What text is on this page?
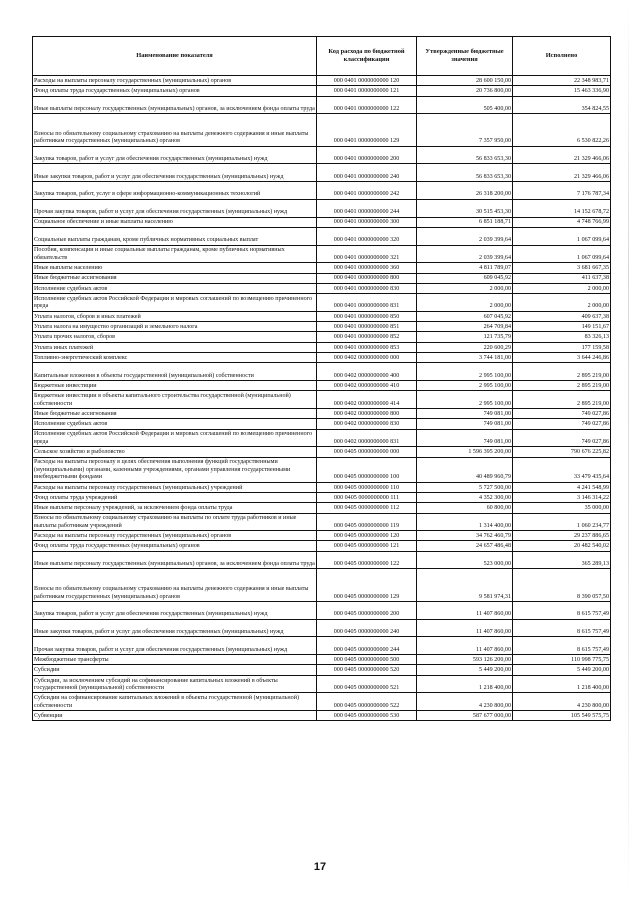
Наименование показателя	Код расхода по бюджетной классификации	Утвержденные бюджетные значения	Исполнено
Расходы на выплаты персоналу государственных (муниципальных) органов	000 0401 0000000000 120	28 600 150,00	22 348 983,71
Фонд оплаты труда государственных (муниципальных) органов	000 0401 0000000000 121	20 736 800,00	15 463 336,90
Иные выплаты персоналу государственных (муниципальных) органов, за исключением фонда оплаты труда	000 0401 0000000000 122	505 400,00	354 824,55
Взносы по обязательному социальному страхованию на выплаты денежного содержания и иные выплаты работникам государственных (муниципальных) органов	000 0401 0000000000 129	7 357 950,00	6 530 822,26
Закупка товаров, работ и услуг для обеспечения государственных (муниципальных) нужд	000 0401 0000000000 200	56 833 653,30	21 329 466,06
Иные закупки товаров, работ и услуг для обеспечения государственных (муниципальных) нужд	000 0401 0000000000 240	56 833 653,30	21 329 466,06
Закупка товаров, работ, услуг в сфере информационно-коммуникационных технологий	000 0401 0000000000 242	26 318 200,00	7 176 787,34
Прочая закупка товаров, работ и услуг для обеспечения государственных (муниципальных) нужд	000 0401 0000000000 244	30 515 453,30	14 152 678,72
Социальное обеспечение и иные выплаты населению	000 0401 0000000000 300	6 851 188,71	4 748 766,99
Социальные выплаты гражданам, кроме публичных нормативных социальных выплат	000 0401 0000000000 320	2 039 399,64	1 067 099,64
Пособия, компенсации и иные социальные выплаты гражданам, кроме публичных нормативных обязательств	000 0401 0000000000 321	2 039 399,64	1 067 099,64
Иные выплаты населению	000 0401 0000000000 360	4 811 789,07	3 681 667,35
Иные бюджетные ассигнования	000 0401 0000000000 800	609 045,92	411 637,38
Исполнение судебных актов	000 0401 0000000000 830	2 000,00	2 000,00
Исполнение судебных актов Российской Федерации и мировых соглашений по возмещению причиненного вреда	000 0401 0000000000 831	2 000,00	2 000,00
Уплата налогов, сборов и иных платежей	000 0401 0000000000 850	607 045,92	409 637,38
Уплата налога на имущество организаций и земельного налога	000 0401 0000000000 851	264 709,84	149 151,67
Уплата прочих налогов, сборов	000 0401 0000000000 852	121 735,79	83 326,13
Уплата иных платежей	000 0401 0000000000 853	220 600,29	177 159,58
Топливно-энергетический комплекс	000 0402 0000000000 000	3 744 181,00	3 644 246,86
Капитальные вложения в объекты государственной (муниципальной) собственности	000 0402 0000000000 400	2 995 100,00	2 895 219,00
Бюджетные инвестиции	000 0402 0000000000 410	2 995 100,00	2 895 219,00
Бюджетные инвестиции в объекты капитального строительства государственной (муниципальной) собственности	000 0402 0000000000 414	2 995 100,00	2 895 219,00
Иные бюджетные ассигнования	000 0402 0000000000 800	749 081,00	749 027,86
Исполнение судебных актов	000 0402 0000000000 830	749 081,00	749 027,86
Исполнение судебных актов Российской Федерации и мировых соглашений по возмещению причиненного вреда	000 0402 0000000000 831	749 081,00	749 027,86
Сельское хозяйство и рыболовство	000 0405 0000000000 000	1 596 395 200,00	790 676 225,82
Расходы на выплаты персоналу в целях обеспечения выполнения функций государственными (муниципальными) органами, казенными учреждениями, органами управления государственными внебюджетными фондами	000 0405 0000000000 100	40 489 960,79	33 479 435,64
Расходы на выплаты персоналу государственных (муниципальных) учреждений	000 0405 0000000000 110	5 727 500,00	4 241 548,99
Фонд оплаты труда учреждений	000 0405 0000000000 111	4 352 300,00	3 146 314,22
Иные выплаты персоналу учреждений, за исключением фонда оплаты труда	000 0405 0000000000 112	60 800,00	35 000,00
Взносы по обязательному социальному страхованию на выплаты по оплате труда работников и иные выплаты работникам учреждений	000 0405 0000000000 119	1 314 400,00	1 060 234,77
Расходы на выплаты персоналу государственных (муниципальных) органов	000 0405 0000000000 120	34 762 460,79	29 237 886,65
Фонд оплаты труда государственных (муниципальных) органов	000 0405 0000000000 121	24 657 486,48	20 482 540,02
Иные выплаты персоналу государственных (муниципальных) органов, за исключением фонда оплаты труда	000 0405 0000000000 122	523 000,00	365 289,13
Взносы по обязательному социальному страхованию на выплаты денежного содержания и иные выплаты работникам государственных (муниципальных) органов	000 0405 0000000000 129	9 581 974,31	8 390 057,50
Закупка товаров, работ и услуг для обеспечения государственных (муниципальных) нужд	000 0405 0000000000 200	11 407 860,00	8 615 757,49
Иные закупки товаров, работ и услуг для обеспечения государственных (муниципальных) нужд	000 0405 0000000000 240	11 407 860,00	8 615 757,49
Прочая закупка товаров, работ и услуг для обеспечения государственных (муниципальных) нужд	000 0405 0000000000 244	11 407 860,00	8 615 757,49
Межбюджетные трансферты	000 0405 0000000000 500	593 126 200,00	110 998 775,75
Субсидии	000 0405 0000000000 520	5 449 200,00	5 449 200,00
Субсидии, за исключением субсидий на софинансирование капитальных вложений в объекты государственной (муниципальной) собственности	000 0405 0000000000 521	1 218 400,00	1 218 400,00
Субсидии на софинансирование капитальных вложений в объекты государственной (муниципальной) собственности	000 0405 0000000000 522	4 230 800,00	4 230 800,00
Субвенции	000 0405 0000000000 530	587 677 000,00	105 549 575,75
17
